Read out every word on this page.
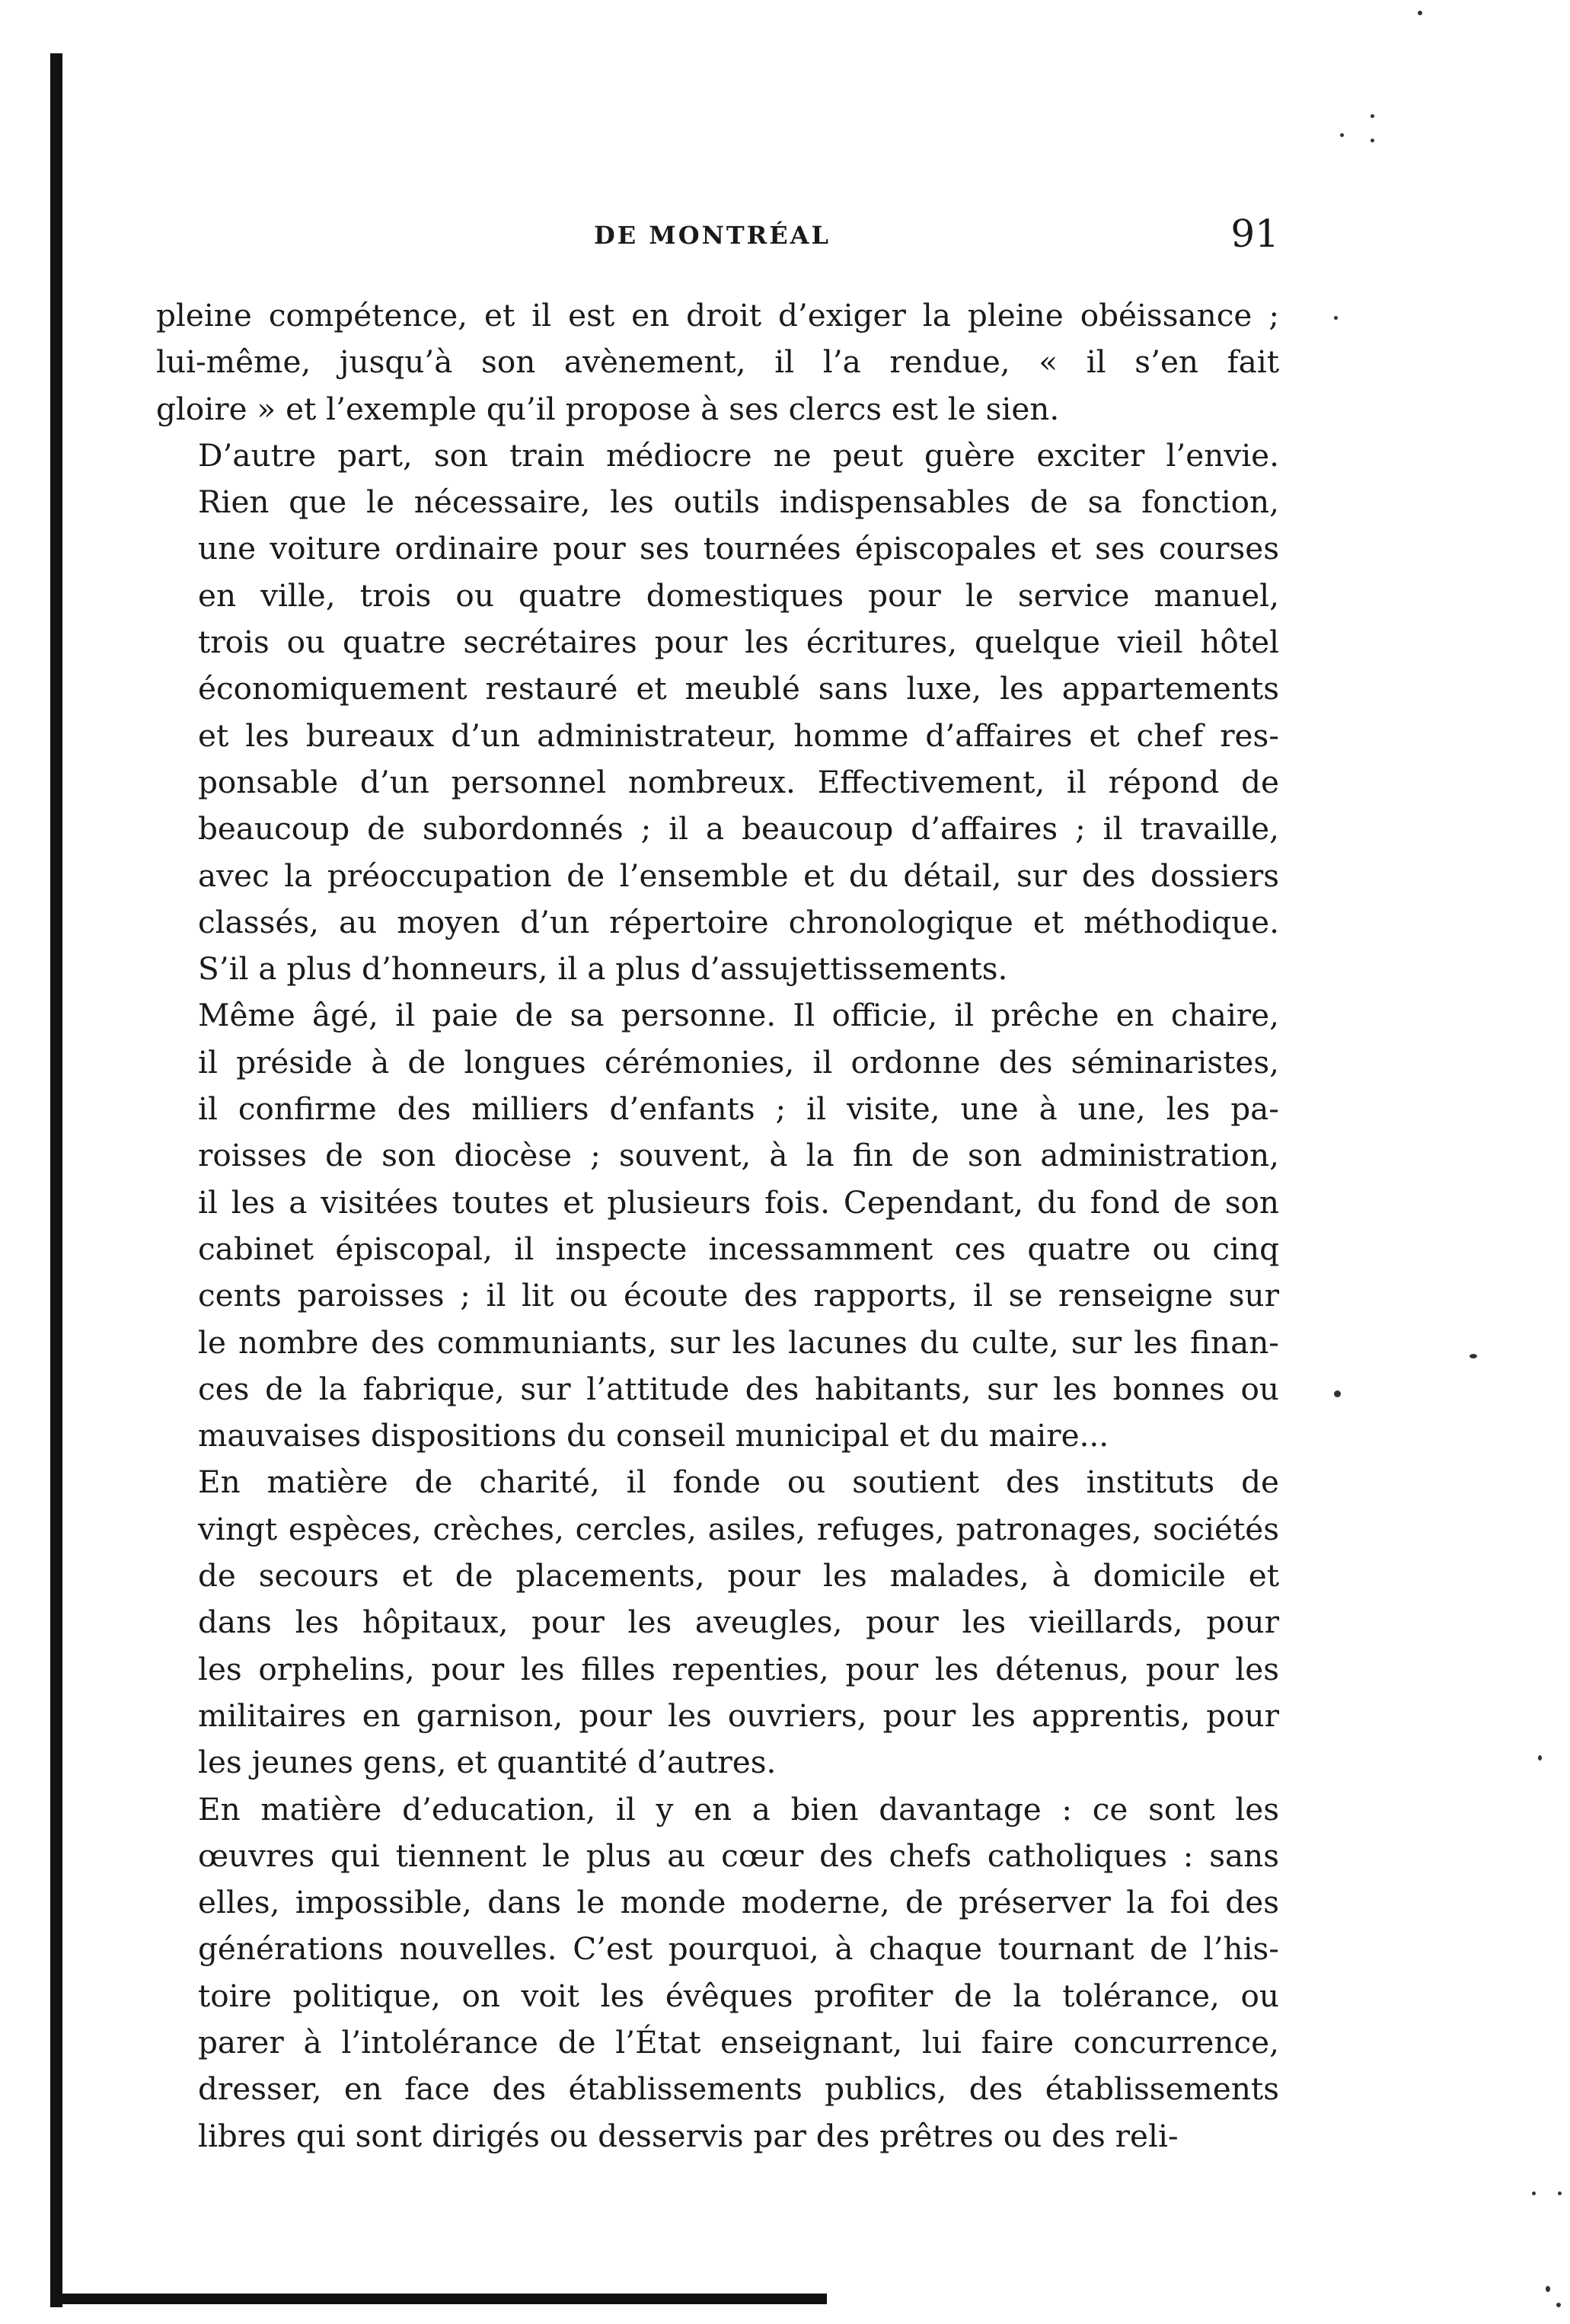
DE MONTRÉAL	91

pleine compétence, et il est en droit d’exiger la pleine obéissance ;
lui-même, jusqu’à son avènement, il l’a rendue, « il s’en fait
gloire » et l’exemple qu’il propose à ses clercs est le sien.

D’autre part, son train médiocre ne peut guère exciter l’envie.
Rien que le nécessaire, les outils indispensables de sa fonction,
une voiture ordinaire pour ses tournées épiscopales et ses courses
en ville, trois ou quatre domestiques pour le service manuel,
trois ou quatre secrétaires pour les écritures, quelque vieil hôtel
économiquement restauré et meublé sans luxe, les appartements
et les bureaux d’un administrateur, homme d’affaires et chef res-
ponsable d’un personnel nombreux. Effectivement, il répond de
beaucoup de subordonnés ; il a beaucoup d’affaires ; il travaille,
avec la préoccupation de l’ensemble et du détail, sur des dossiers
classés, au moyen d’un répertoire chronologique et méthodique.
S’il a plus d’honneurs, il a plus d’assujettissements.

Même âgé, il paie de sa personne. Il officie, il prêche en chaire,
il préside à de longues cérémonies, il ordonne des séminaristes,
il confirme des milliers d’enfants ; il visite, une à une, les pa-
roisses de son diocèse ; souvent, à la fin de son administration,
il les a visitées toutes et plusieurs fois. Cependant, du fond de son
cabinet épiscopal, il inspecte incessamment ces quatre ou cinq
cents paroisses ; il lit ou écoute des rapports, il se renseigne sur
le nombre des communiants, sur les lacunes du culte, sur les finan-
ces de la fabrique, sur l’attitude des habitants, sur les bonnes ou
mauvaises dispositions du conseil municipal et du maire...

En matière de charité, il fonde ou soutient des instituts de
vingt espèces, crèches, cercles, asiles, refuges, patronages, sociétés
de secours et de placements, pour les malades, à domicile et
dans les hôpitaux, pour les aveugles, pour les vieillards, pour
les orphelins, pour les filles repenties, pour les détenus, pour les
militaires en garnison, pour les ouvriers, pour les apprentis, pour
les jeunes gens, et quantité d’autres.

En matière d’education, il y en a bien davantage : ce sont les
œuvres qui tiennent le plus au cœur des chefs catholiques : sans
elles, impossible, dans le monde moderne, de préserver la foi des
générations nouvelles. C’est pourquoi, à chaque tournant de l’his-
toire politique, on voit les évêques profiter de la tolérance, ou
parer à l’intolérance de l’État enseignant, lui faire concurrence,
dresser, en face des établissements publics, des établissements
libres qui sont dirigés ou desservis par des prêtres ou des reli-
